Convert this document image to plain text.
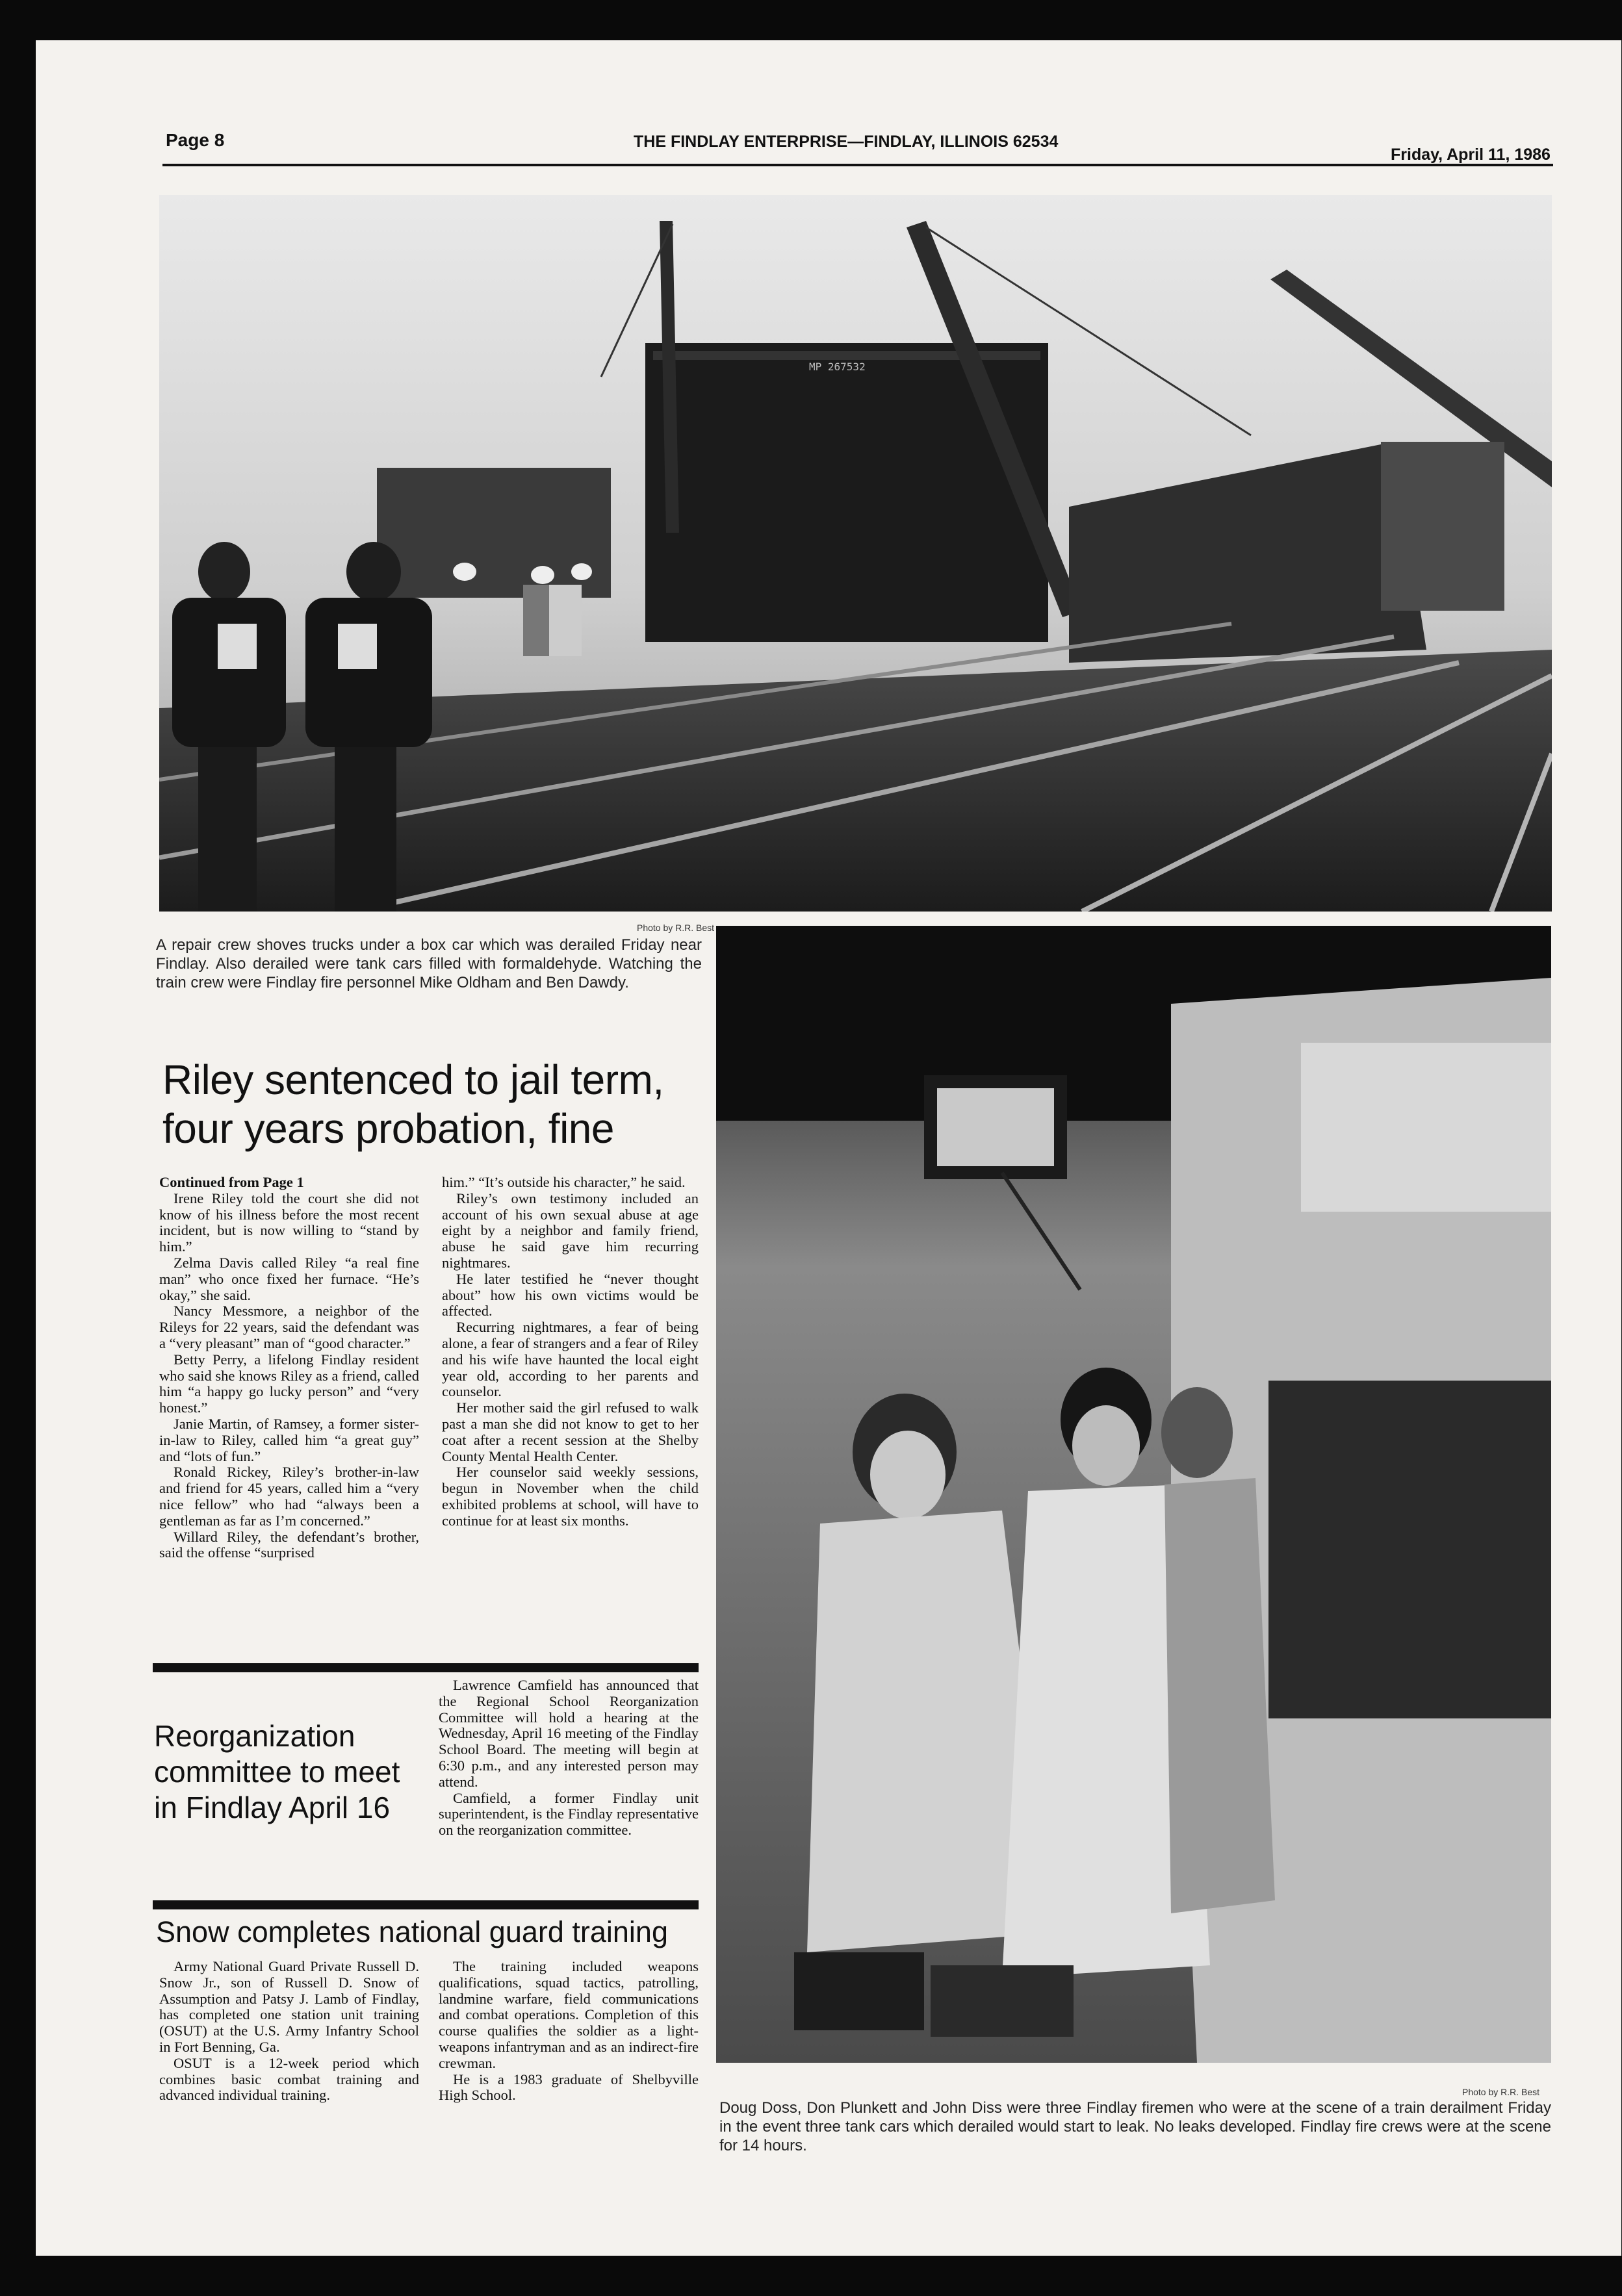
Page 8	THE FINDLAY ENTERPRISE—FINDLAY, ILLINOIS 62534
Friday, April 11, 1986
MP 267532
Photo by R.R. Best
A repair crew shoves trucks under a box car which was derailed Friday near Findlay. Also derailed were tank cars filled with formaldehyde. Watching the train crew were Findlay fire personnel Mike Oldham and Ben Dawdy.
Photo by R.R. Best
Doug Doss, Don Plunkett and John Diss were three Findlay firemen who were at the scene of a train derailment Friday in the event three tank cars which derailed would start to leak. No leaks developed. Findlay fire crews were at the scene for 14 hours.
Riley sentenced to jail term,
four years probation, fine

Continued from Page 1

Irene Riley told the court she did not know of his illness before the most recent incident, but is now willing to “stand by him.”

Zelma Davis called Riley “a real fine man” who once fixed her furnace. “He’s okay,” she said.

Nancy Messmore, a neighbor of the Rileys for 22 years, said the defendant was a “very pleasant” man of “good character.”

Betty Perry, a lifelong Findlay resident who said she knows Riley as a friend, called him “a happy go lucky person” and “very honest.”

Janie Martin, of Ramsey, a former sister-in-law to Riley, called him “a great guy” and “lots of fun.”

Ronald Rickey, Riley’s brother-in-law and friend for 45 years, called him a “very nice fellow” who had “always been a gentleman as far as I’m concerned.”

Willard Riley, the defendant’s brother, said the offense “surprised

him.” “It’s outside his character,” he said.

Riley’s own testimony included an account of his own sexual abuse at age eight by a neighbor and family friend, abuse he said gave him recurring nightmares.

He later testified he “never thought about” how his own victims would be affected.

Recurring nightmares, a fear of being alone, a fear of strangers and a fear of Riley and his wife have haunted the local eight year old, according to her parents and counselor.

Her mother said the girl refused to walk past a man she did not know to get to her coat after a recent session at the Shelby County Mental Health Center.

Her counselor said weekly sessions, begun in November when the child exhibited problems at school, will have to continue for at least six months.

Reorganization
committee to meet
in Findlay April 16

Lawrence Camfield has announced that the Regional School Reorganization Committee will hold a hearing at the Wednesday, April 16 meeting of the Findlay School Board. The meeting will begin at 6:30 p.m., and any interested person may attend.

Camfield, a former Findlay unit superintendent, is the Findlay representative on the reorganization committee.

Snow completes national guard training

Army National Guard Private Russell D. Snow Jr., son of Russell D. Snow of Assumption and Patsy J. Lamb of Findlay, has completed one station unit training (OSUT) at the U.S. Army Infantry School in Fort Benning, Ga.

OSUT is a 12-week period which combines basic combat training and advanced individual training.

The training included weapons qualifications, squad tactics, patrolling, landmine warfare, field communications and combat operations. Completion of this course qualifies the soldier as a light-weapons infantryman and as an indirect-fire crewman.

He is a 1983 graduate of Shelbyville High School.
